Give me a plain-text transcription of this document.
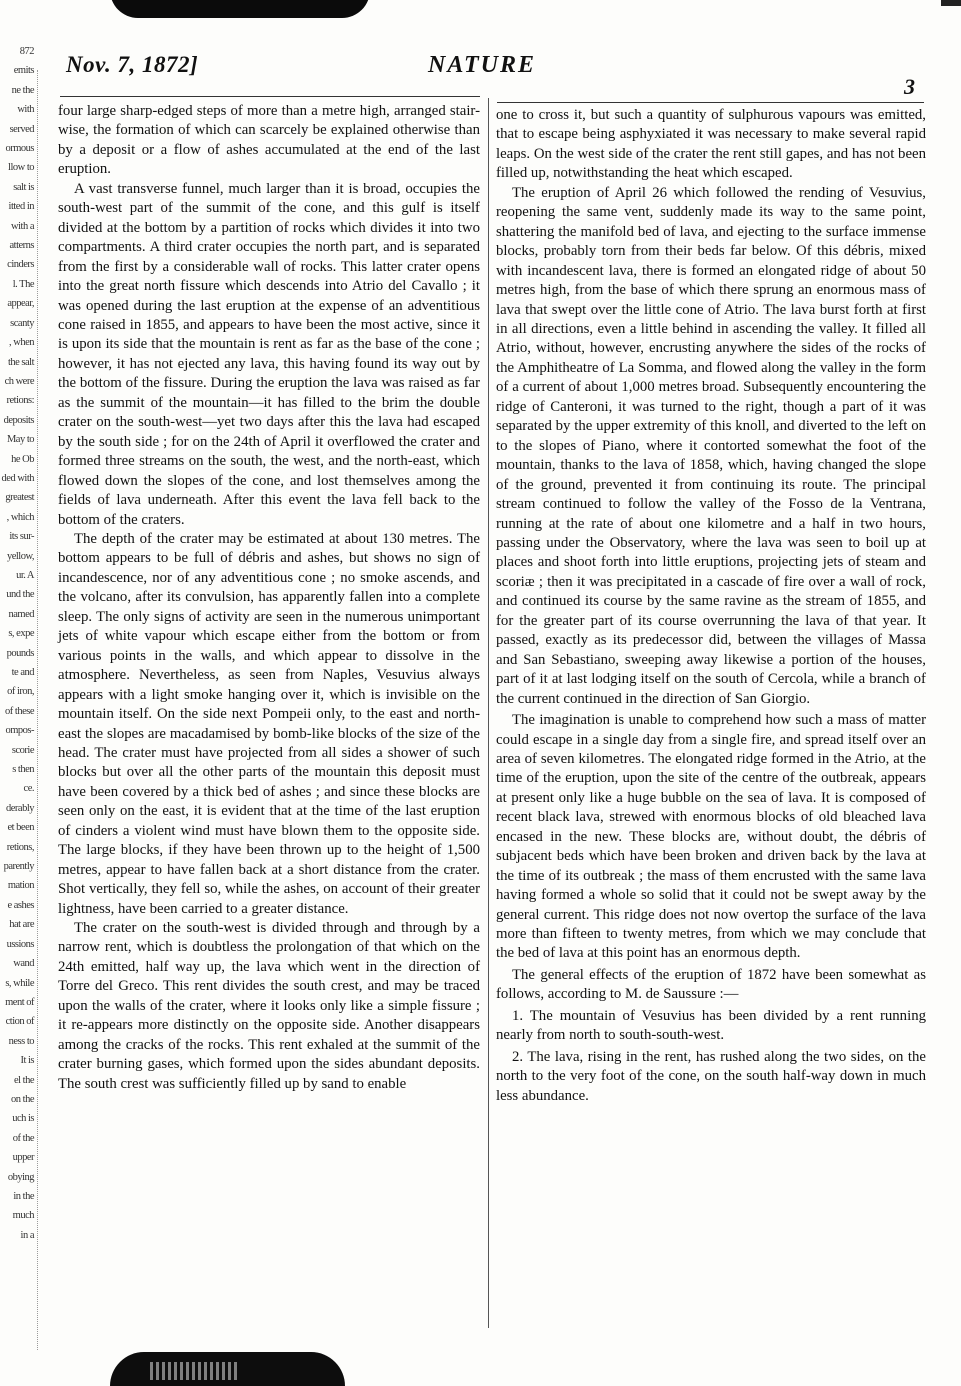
872
emits
ne the
with
served
ormous
llow to
salt is
itted in
with a
atterns
cinders
l. The
appear,
scanty
, when
the salt
ch were
retions:
deposits
May to
he Ob
ded with
greatest
, which
its sur-
yellow,
ur. A
und the
named
s, expe
pounds
te and
of iron,
of these
ompos-
scorie
s then
ce.
derably
et been
retions,
parently
mation
e ashes
hat are
ussions
wand
s, while
ment of
ction of
ness to
It is
el the
on the
uch is
of the
upper
obying
in the
much
in a
Nov. 7, 1872]	NATURE
3

four large sharp-edged steps of more than a metre high, arranged stair-wise, the formation of which can scarcely be explained otherwise than by a deposit or a flow of ashes accumulated at the end of the last eruption.

A vast transverse funnel, much larger than it is broad, occupies the south-west part of the summit of the cone, and this gulf is itself divided at the bottom by a partition of rocks which divides it into two compartments. A third crater occupies the north part, and is separated from the first by a considerable wall of rocks. This latter crater opens into the great north fissure which descends into Atrio del Cavallo ; it was opened during the last eruption at the expense of an adventitious cone raised in 1855, and appears to have been the most active, since it is upon its side that the mountain is rent as far as the base of the cone ; however, it has not ejected any lava, this having found its way out by the bottom of the fissure. During the eruption the lava was raised as far as the summit of the mountain—it has filled to the brim the double crater on the south-west—yet two days after this the lava had escaped by the south side ; for on the 24th of April it overflowed the crater and formed three streams on the south, the west, and the north-east, which flowed down the slopes of the cone, and lost themselves among the fields of lava underneath. After this event the lava fell back to the bottom of the craters.

The depth of the crater may be estimated at about 130 metres. The bottom appears to be full of débris and ashes, but shows no sign of incandescence, nor of any adventitious cone ; no smoke ascends, and the volcano, after its convulsion, has apparently fallen into a complete sleep. The only signs of activity are seen in the numerous unimportant jets of white vapour which escape either from the bottom or from various points in the walls, and which appear to dissolve in the atmosphere. Nevertheless, as seen from Naples, Vesuvius always appears with a light smoke hanging over it, which is invisible on the mountain itself. On the side next Pompeii only, to the east and north-east the slopes are macadamised by bomb-like blocks of the size of the head. The crater must have projected from all sides a shower of such blocks but over all the other parts of the mountain this deposit must have been covered by a thick bed of ashes ; and since these blocks are seen only on the east, it is evident that at the time of the last eruption of cinders a violent wind must have blown them to the opposite side. The large blocks, if they have been thrown up to the height of 1,500 metres, appear to have fallen back at a short distance from the crater. Shot vertically, they fell so, while the ashes, on account of their greater lightness, have been carried to a greater distance.

The crater on the south-west is divided through and through by a narrow rent, which is doubtless the prolongation of that which on the 24th emitted, half way up, the lava which went in the direction of Torre del Greco. This rent divides the south crest, and may be traced upon the walls of the crater, where it looks only like a simple fissure ; it re-appears more distinctly on the opposite side. Another disappears among the cracks of the rocks. This rent exhaled at the summit of the crater burning gases, which formed upon the sides abundant deposits. The south crest was sufficiently filled up by sand to enable

one to cross it, but such a quantity of sulphurous vapours was emitted, that to escape being asphyxiated it was necessary to make several rapid leaps. On the west side of the crater the rent still gapes, and has not been filled up, notwithstanding the heat which escaped.

The eruption of April 26 which followed the rending of Vesuvius, reopening the same vent, suddenly made its way to the same point, shattering the manifold bed of lava, and ejecting to the surface immense blocks, probably torn from their beds far below. Of this débris, mixed with incandescent lava, there is formed an elongated ridge of about 50 metres high, from the base of which there sprung an enormous mass of lava that swept over the little cone of Atrio. The lava burst forth at first in all directions, even a little behind in ascending the valley. It filled all Atrio, without, however, encrusting anywhere the sides of the rocks of the Amphitheatre of La Somma, and flowed along the valley in the form of a current of about 1,000 metres broad. Subsequently encountering the ridge of Canteroni, it was turned to the right, though a part of it was separated by the upper extremity of this knoll, and diverted to the left on to the slopes of Piano, where it contorted somewhat the foot of the mountain, thanks to the lava of 1858, which, having changed the slope of the ground, prevented it from continuing its route. The principal stream continued to follow the valley of the Fosso de la Ventrana, running at the rate of about one kilometre and a half in two hours, passing under the Observatory, where the lava was seen to boil up at places and shoot forth into little eruptions, projecting jets of steam and scoriæ ; then it was precipitated in a cascade of fire over a wall of rock, and continued its course by the same ravine as the stream of 1855, and for the greater part of its course overrunning the lava of that year. It passed, exactly as its predecessor did, between the villages of Massa and San Sebastiano, sweeping away likewise a portion of the houses, part of it at last lodging itself on the south of Cercola, while a branch of the current continued in the direction of San Giorgio.

The imagination is unable to comprehend how such a mass of matter could escape in a single day from a single fire, and spread itself over an area of seven kilometres. The elongated ridge formed in the Atrio, at the time of the eruption, upon the site of the centre of the outbreak, appears at present only like a huge bubble on the sea of lava. It is composed of recent black lava, strewed with enormous blocks of old bleached lava encased in the new. These blocks are, without doubt, the débris of subjacent beds which have been broken and driven back by the lava at the time of its outbreak ; the mass of them encrusted with the same lava having formed a whole so solid that it could not be swept away by the general current. This ridge does not now overtop the surface of the lava more than fifteen to twenty metres, from which we may conclude that the bed of lava at this point has an enormous depth.

The general effects of the eruption of 1872 have been somewhat as follows, according to M. de Saussure :—

1. The mountain of Vesuvius has been divided by a rent running nearly from north to south-south-west.

2. The lava, rising in the rent, has rushed along the two sides, on the north to the very foot of the cone, on the south half-way down in much less abundance.
